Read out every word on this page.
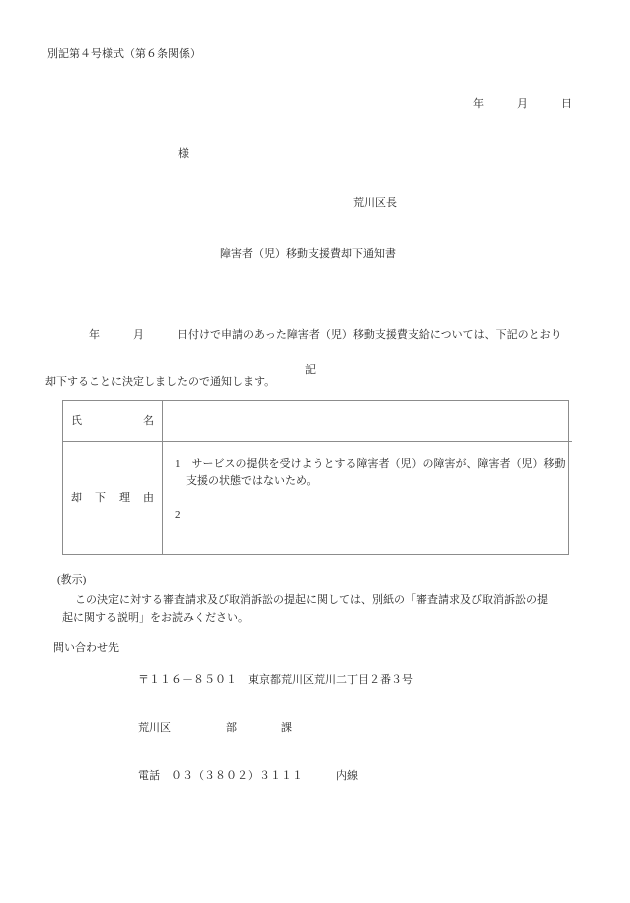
別記第４号様式（第６条関係）
年　　　月　　　日
様
荒川区長
障害者（児）移動支援費却下通知書

　　　　年　　　月　　　日付けで申請のあった障害者（児）移動支援費支給については、下記のとおり

却下することに決定しましたので通知します。

記
氏　　　　　名
却　下　理　由
1　サービスの提供を受けようとする障害者（児）の障害が、障害者（児）移動
　支援の状態ではないため。
2
(教示)
この決定に対する審査請求及び取消訴訟の提起に関しては、別紙の「審査請求及び取消訴訟の提
起に関する説明」をお読みください。
問い合わせ先

〒１１６－８５０１　東京都荒川区荒川二丁目２番３号

荒川区　　　　　部　　　　課

電話　０３（３８０２）３１１１　　　内線
